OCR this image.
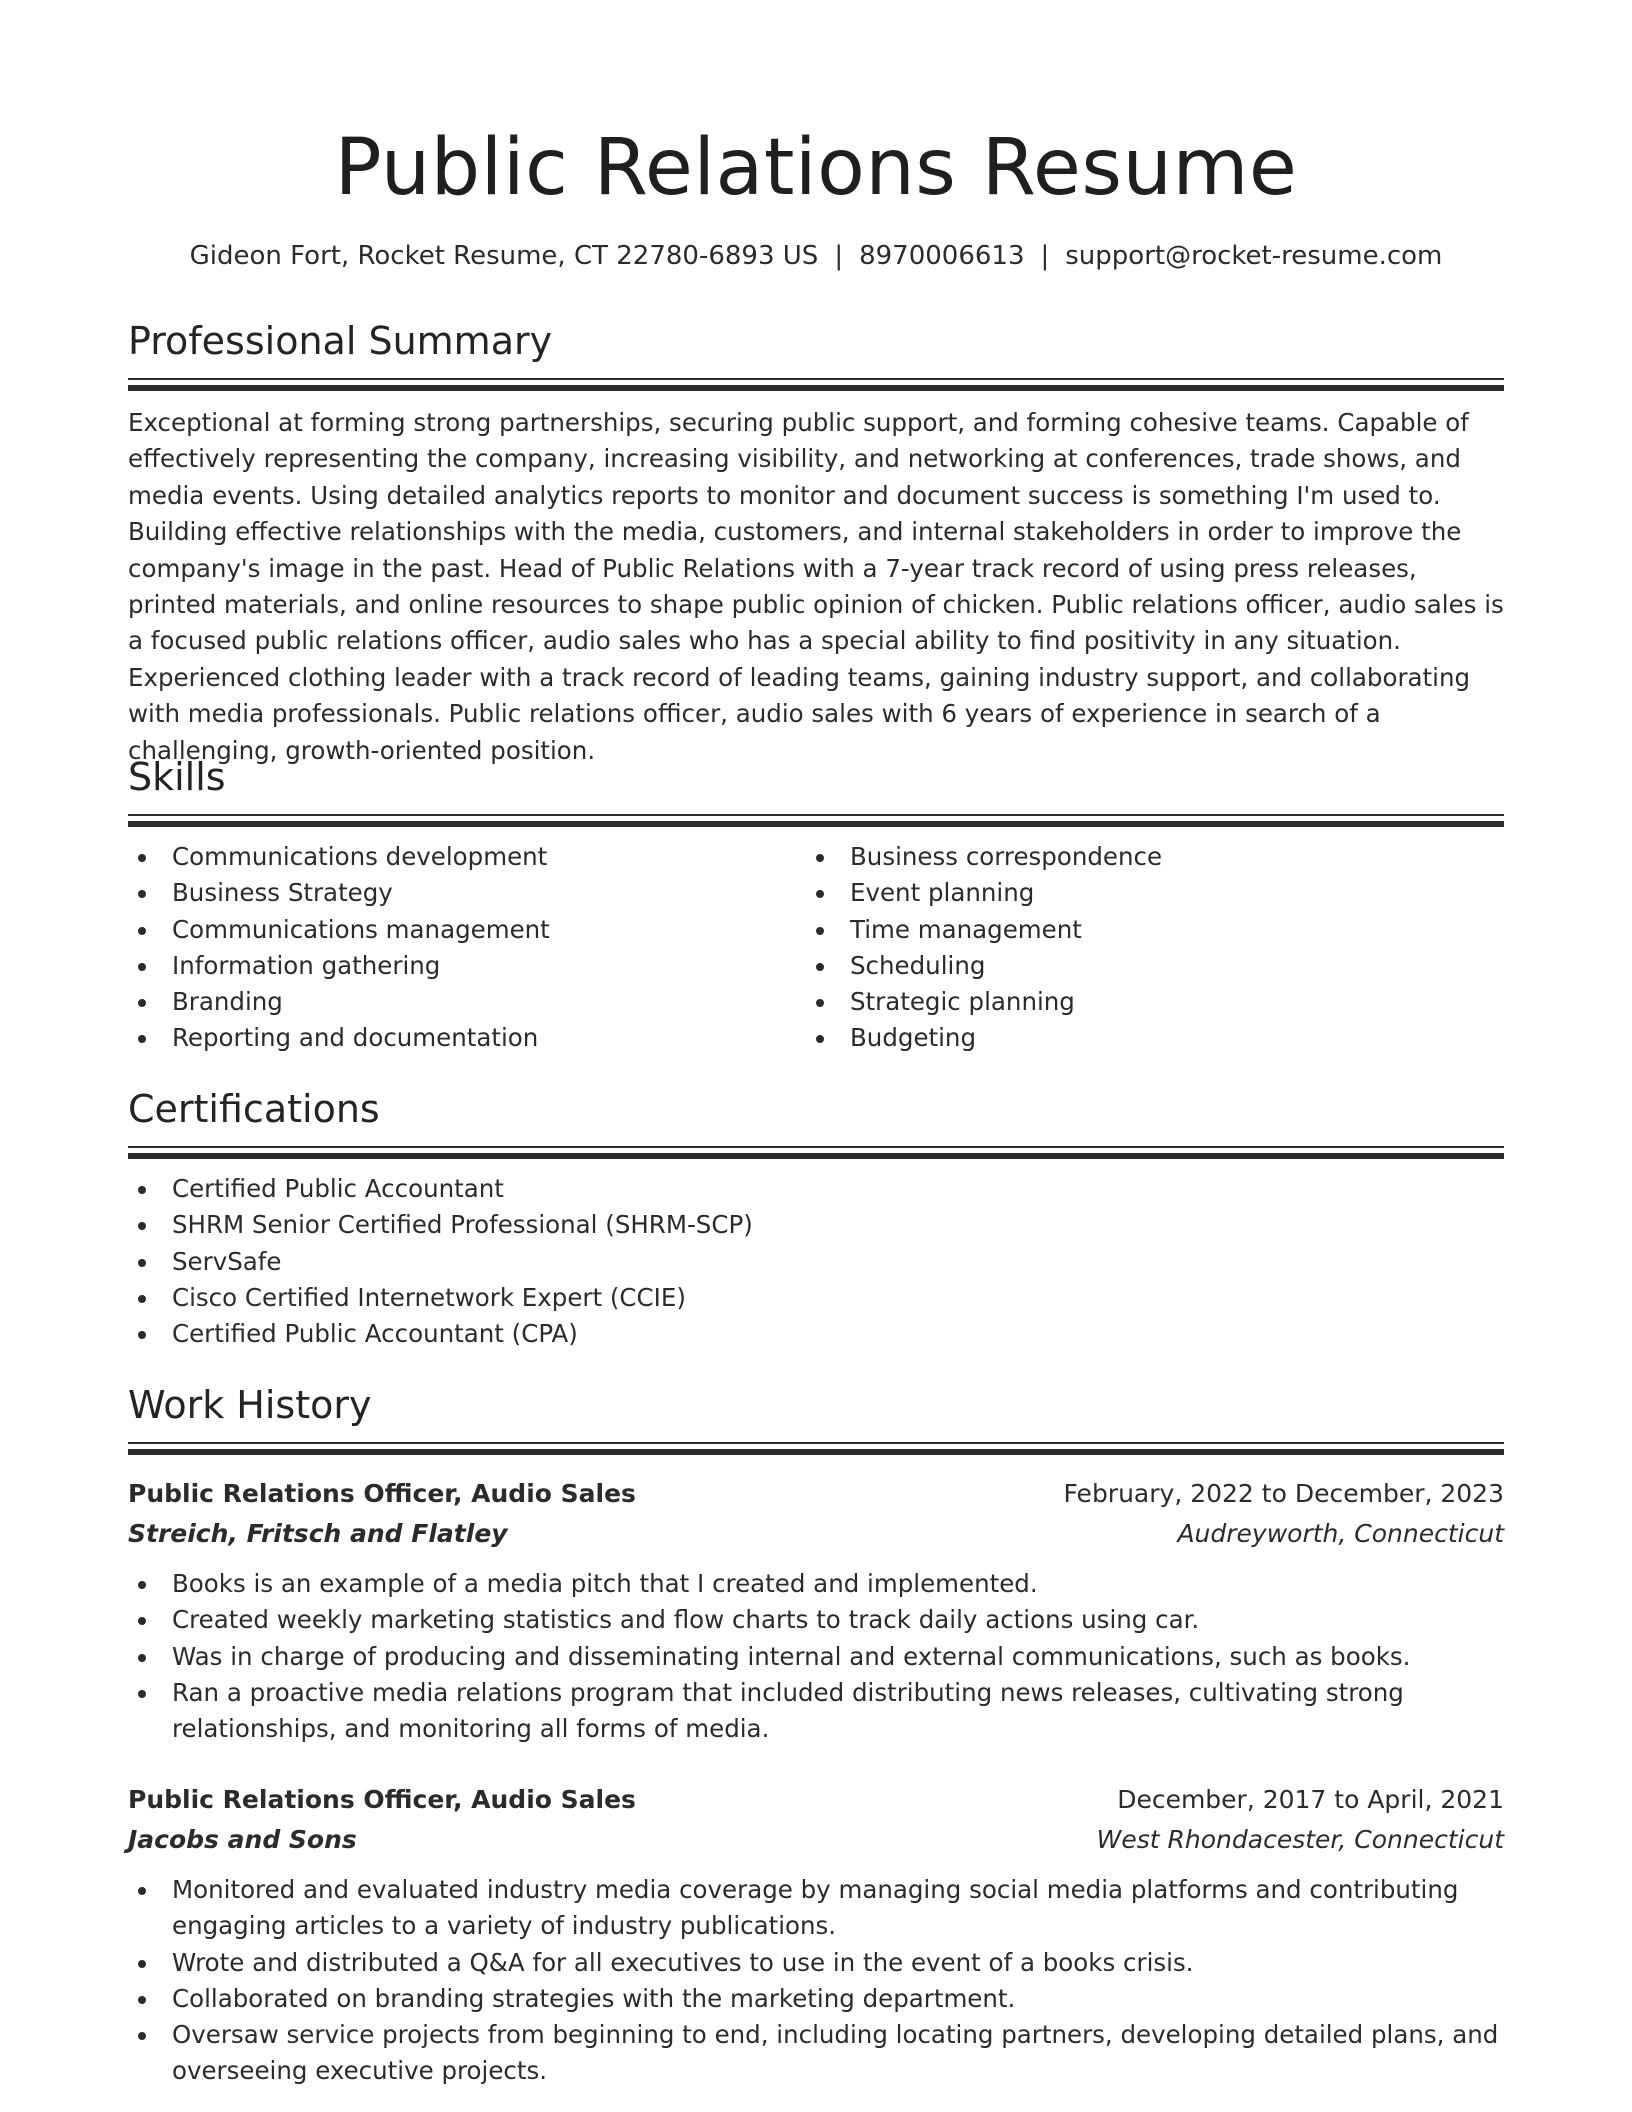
Public Relations Resume
Gideon Fort, Rocket Resume, CT 22780-6893 US | 8970006613 | support@rocket-resume.com
Professional Summary

Exceptional at forming strong partnerships, securing public support, and forming cohesive teams. Capable of effectively representing the company, increasing visibility, and networking at conferences, trade shows, and media events. Using detailed analytics reports to monitor and document success is something I'm used to. Building effective relationships with the media, customers, and internal stakeholders in order to improve the company's image in the past. Head of Public Relations with a 7-year track record of using press releases, printed materials, and online resources to shape public opinion of chicken. Public relations officer, audio sales is a focused public relations officer, audio sales who has a special ability to find positivity in any situation. Experienced clothing leader with a track record of leading teams, gaining industry support, and collaborating with media professionals. Public relations officer, audio sales with 6 years of experience in search of a challenging, growth-oriented position.

Skills
Communications development
Business Strategy
Communications management
Information gathering
Branding
Reporting and documentation
Business correspondence
Event planning
Time management
Scheduling
Strategic planning
Budgeting
Certifications
Certified Public Accountant
SHRM Senior Certified Professional (SHRM-SCP)
ServSafe
Cisco Certified Internetwork Expert (CCIE)
Certified Public Accountant (CPA)
Work History
Public Relations Officer, Audio Sales	February, 2022 to December, 2023
Streich, Fritsch and Flatley	Audreyworth, Connecticut
Books is an example of a media pitch that I created and implemented.
Created weekly marketing statistics and flow charts to track daily actions using car.
Was in charge of producing and disseminating internal and external communications, such as books.
Ran a proactive media relations program that included distributing news releases, cultivating strong relationships, and monitoring all forms of media.
Public Relations Officer, Audio Sales	December, 2017 to April, 2021
Jacobs and Sons	West Rhondacester, Connecticut
Monitored and evaluated industry media coverage by managing social media platforms and contributing engaging articles to a variety of industry publications.
Wrote and distributed a Q&A for all executives to use in the event of a books crisis.
Collaborated on branding strategies with the marketing department.
Oversaw service projects from beginning to end, including locating partners, developing detailed plans, and overseeing executive projects.
